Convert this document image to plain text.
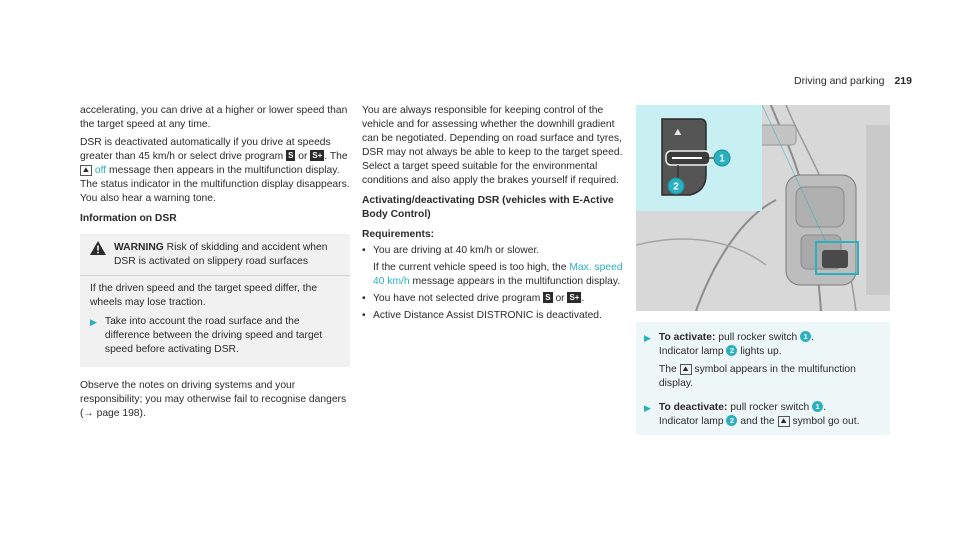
Driving and parking 219

accelerating, you can drive at a higher or lower speed than the target speed at any time.

DSR is deactivated automatically if you drive at speeds greater than 45 km/h or select drive program S or S+ . The ⛰ off message then appears in the multifunction display. The status indicator in the multifunction display disappears. You also hear a warning tone.

Information on DSR

WARNING Risk of skidding and accident when DSR is activated on slippery road surfaces

If the driven speed and the target speed differ, the wheels may lose traction.

▶ Take into account the road surface and the difference between the driving speed and target speed before activating DSR.

Observe the notes on driving systems and your responsibility; you may otherwise fail to recognise dangers (→ page 198).

You are always responsible for keeping control of the vehicle and for assessing whether the downhill gradient can be negotiated. Depending on road surface and tyres, DSR may not always be able to keep to the target speed. Select a target speed suitable for the environmental conditions and also apply the brakes yourself if required.

Activating/deactivating DSR (vehicles with E-Active Body Control)

Requirements:

• You are driving at 40 km/h or slower.
If the current vehicle speed is too high, the Max. speed 40 km/h message appears in the multifunction display.
• You have not selected drive program S or S+ .
• Active Distance Assist DISTRONIC is deactivated.
⛰
1
2
▶ To activate: pull rocker switch 1 .
Indicator lamp 2 lights up.
The ⛰ symbol appears in the multifunction display.
▶ To deactivate: pull rocker switch 1 .
Indicator lamp 2 and the ⛰ symbol go out.
